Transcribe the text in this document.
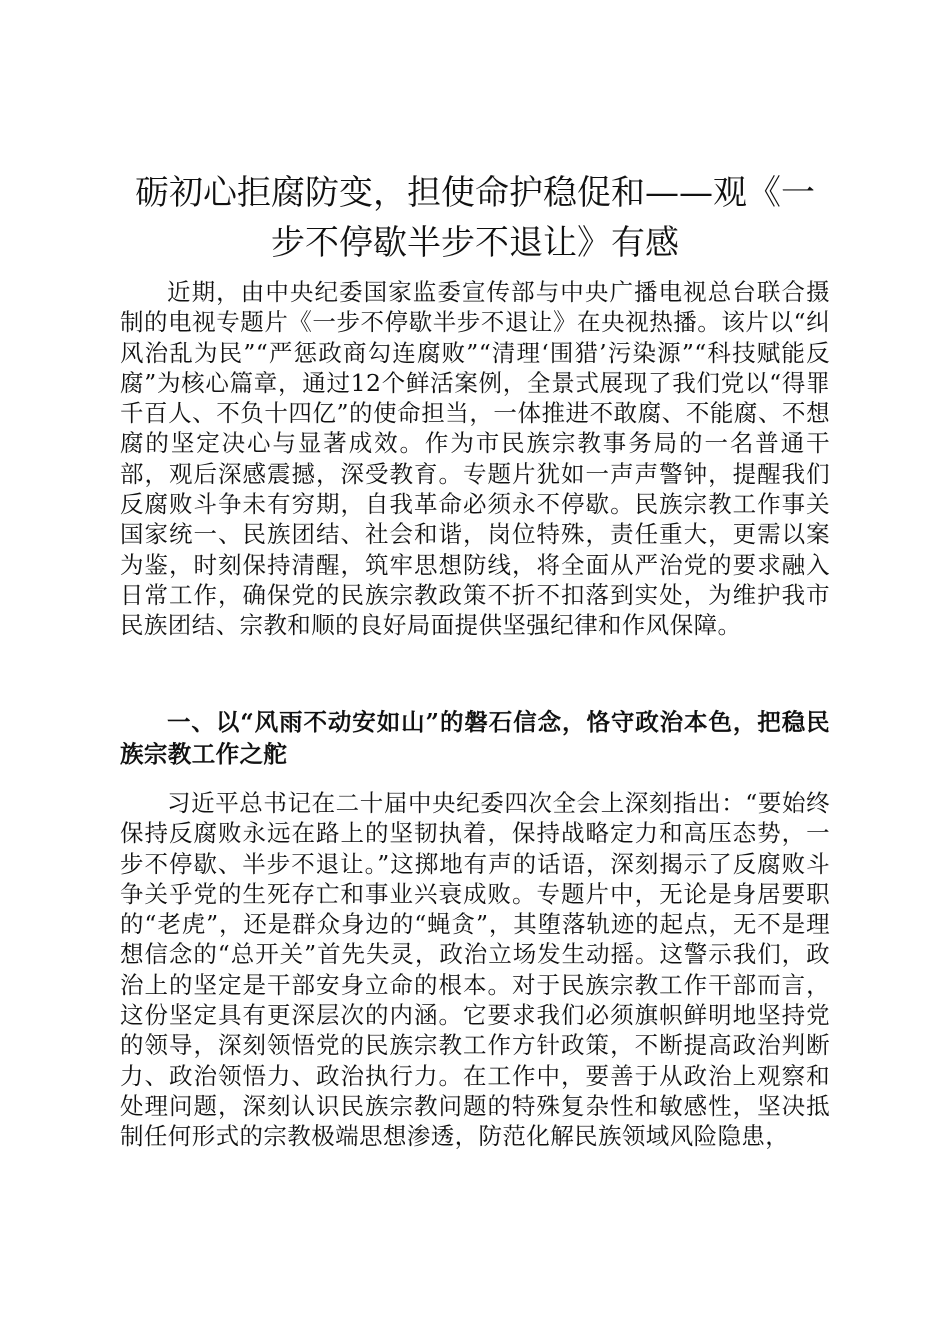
砺初心拒腐防变，担使命护稳促和——观《一步不停歇半步不退让》有感

近期，由中央纪委国家监委宣传部与中央广播电视总台联合摄制的电视专题片《一步不停歇半步不退让》在央视热播。该片以“纠风治乱为民”“严惩政商勾连腐败”“清理‘围猎’污染源”“科技赋能反腐”为核心篇章，通过12个鲜活案例，全景式展现了我们党以“得罪千百人、不负十四亿”的使命担当，一体推进不敢腐、不能腐、不想腐的坚定决心与显著成效。作为市民族宗教事务局的一名普通干部，观后深感震撼，深受教育。专题片犹如一声声警钟，提醒我们反腐败斗争未有穷期，自我革命必须永不停歇。民族宗教工作事关国家统一、民族团结、社会和谐，岗位特殊，责任重大，更需以案为鉴，时刻保持清醒，筑牢思想防线，将全面从严治党的要求融入日常工作，确保党的民族宗教政策不折不扣落到实处，为维护我市民族团结、宗教和顺的良好局面提供坚强纪律和作风保障。

一、以“风雨不动安如山”的磐石信念，恪守政治本色，把稳民族宗教工作之舵

习近平总书记在二十届中央纪委四次全会上深刻指出：“要始终保持反腐败永远在路上的坚韧执着，保持战略定力和高压态势，一步不停歇、半步不退让。”这掷地有声的话语，深刻揭示了反腐败斗争关乎党的生死存亡和事业兴衰成败。专题片中，无论是身居要职的“老虎”，还是群众身边的“蝇贪”，其堕落轨迹的起点，无不是理想信念的“总开关”首先失灵，政治立场发生动摇。这警示我们，政治上的坚定是干部安身立命的根本。对于民族宗教工作干部而言，这份坚定具有更深层次的内涵。它要求我们必须旗帜鲜明地坚持党的领导，深刻领悟党的民族宗教工作方针政策，不断提高政治判断力、政治领悟力、政治执行力。在工作中，要善于从政治上观察和处理问题，深刻认识民族宗教问题的特殊复杂性和敏感性，坚决抵制任何形式的宗教极端思想渗透，防范化解民族领域风险隐患，
